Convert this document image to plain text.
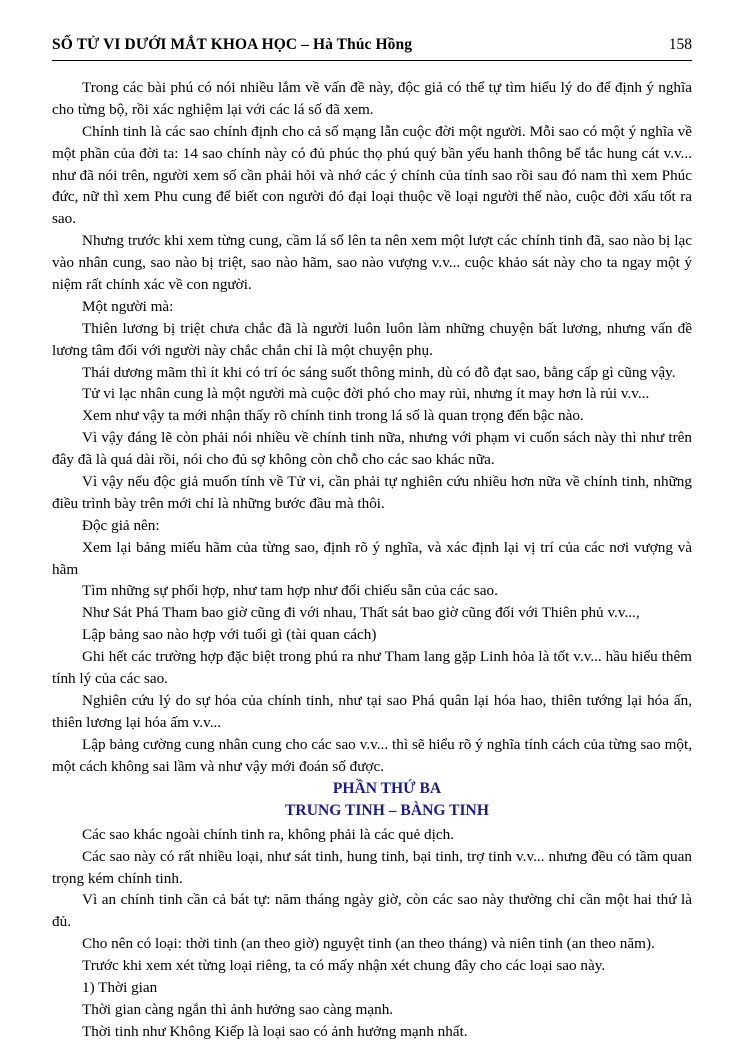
SỐ TỬ VI DƯỚI MẮT KHOA HỌC – Hà Thúc Hồng	158

Trong các bài phú có nói nhiều lắm về vấn đề này, độc giả có thể tự tìm hiểu lý do để định ý nghĩa cho từng bộ, rồi xác nghiệm lại với các lá số đã xem.

Chính tinh là các sao chính định cho cả số mạng lẫn cuộc đời một người. Mỗi sao có một ý nghĩa về một phần của đời ta: 14 sao chính này có đủ phúc thọ phú quý bần yểu hanh thông bế tắc hung cát v.v... như đã nói trên, người xem số cần phải hỏi và nhớ các ý chính của tính sao rồi sau đó nam thì xem Phúc đức, nữ thì xem Phu cung để biết con người đó đại loại thuộc về loại người thế nào, cuộc đời xấu tốt ra sao.

Nhưng trước khi xem từng cung, cầm lá số lên ta nên xem một lượt các chính tinh đã, sao nào bị lạc vào nhân cung, sao nào bị triệt, sao nào hãm, sao nào vượng v.v... cuộc khảo sát này cho ta ngay một ý niệm rất chính xác về con người.

Một người mà:

Thiên lương bị triệt chưa chắc đã là người luôn luôn làm những chuyện bất lương, nhưng vấn đề lương tâm đối với người này chắc chắn chỉ là một chuyện phụ.

Thái dương mãm thì ít khi có trí óc sáng suốt thông minh, dù có đỗ đạt sao, bằng cấp gì cũng vậy.

Tử vi lạc nhân cung là một người mà cuộc đời phó cho may rủi, nhưng ít may hơn là rủi v.v...

Xem như vậy ta mới nhận thấy rõ chính tinh trong lá số là quan trọng đến bậc nào.

Vì vậy đáng lẽ còn phải nói nhiều về chính tinh nữa, nhưng với phạm vi cuốn sách này thì như trên đây đã là quá dài rồi, nói cho đủ sợ không còn chỗ cho các sao khác nữa.

Vì vậy nếu độc giả muốn tính về Tử vi, cần phải tự nghiên cứu nhiều hơn nữa về chính tinh, những điều trình bày trên mới chỉ là những bước đầu mà thôi.

Độc giả nên:

Xem lại bảng miếu hãm của từng sao, định rõ ý nghĩa, và xác định lại vị trí của các nơi vượng và hãm

Tìm những sự phối hợp, như tam hợp như đối chiếu sẵn của các sao.

Như Sát Phá Tham bao giờ cũng đi với nhau, Thất sát bao giờ cũng đối với Thiên phủ v.v...,

Lập bảng sao nào hợp với tuổi gì (tài quan cách)

Ghi hết các trường hợp đặc biệt trong phú ra như Tham lang gặp Linh hỏa là tốt v.v... hầu hiểu thêm tính lý của các sao.

Nghiên cứu lý do sự hóa của chính tinh, như tại sao Phá quân lại hóa hao, thiên tướng lại hóa ấn, thiên lương lại hóa ấm v.v...

Lập bảng cường cung nhân cung cho các sao v.v... thì sẽ hiểu rõ ý nghĩa tính cách của từng sao một, một cách không sai lầm và như vậy mới đoán số được.

PHẦN THỨ BA

TRUNG TINH – BÀNG TINH

Các sao khác ngoài chính tinh ra, không phải là các quẻ dịch.

Các sao này có rất nhiều loại, như sát tinh, hung tinh, bại tinh, trợ tinh v.v... nhưng đều có tầm quan trọng kém chính tinh.

Vì an chính tinh cần cả bát tự: năm tháng ngày giờ, còn các sao này thường chỉ cần một hai thứ là đủ.

Cho nên có loại: thời tinh (an theo giờ) nguyệt tinh (an theo tháng) và niên tinh (an theo năm).

Trước khi xem xét từng loại riêng, ta có mấy nhận xét chung đây cho các loại sao này.

1) Thời gian

Thời gian càng ngắn thì ảnh hưởng sao càng mạnh.

Thời tinh như Không Kiếp là loại sao có ảnh hưởng mạnh nhất.
